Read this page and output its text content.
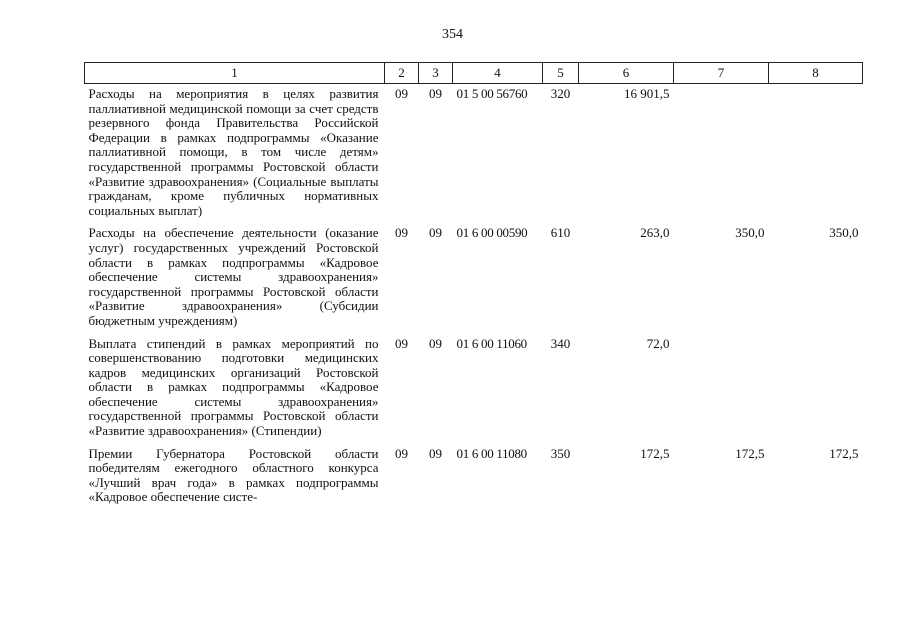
354
1	2	3	4	5	6	7	8
Расходы на мероприятия в целях развития паллиативной медицинской помощи за счет средств резервного фонда Правительства Российской Федерации в рамках подпрограммы «Оказание паллиативной помощи, в том числе детям» государственной программы Ростовской области «Развитие здравоохранения» (Социальные выплаты гражданам, кроме публичных нормативных социальных выплат)	09	09	01 5 00 56760	320	16 901,5		
Расходы на обеспечение деятельности (оказание услуг) государственных учреждений Ростовской области в рамках подпрограммы «Кадровое обеспечение системы здравоохранения» государственной программы Ростовской области «Развитие здравоохранения» (Субсидии бюджетным учреждениям)	09	09	01 6 00 00590	610	263,0	350,0	350,0
Выплата стипендий в рамках мероприятий по совершенствованию подготовки медицинских кадров медицинских организаций Ростовской области в рамках подпрограммы «Кадровое обеспечение системы здравоохранения» государственной программы Ростовской области «Развитие здравоохранения» (Стипендии)	09	09	01 6 00 11060	340	72,0		
Премии Губернатора Ростовской области победителям ежегодного областного конкурса «Лучший врач года» в рамках подпрограммы «Кадровое обеспечение систе-	09	09	01 6 00 11080	350	172,5	172,5	172,5
